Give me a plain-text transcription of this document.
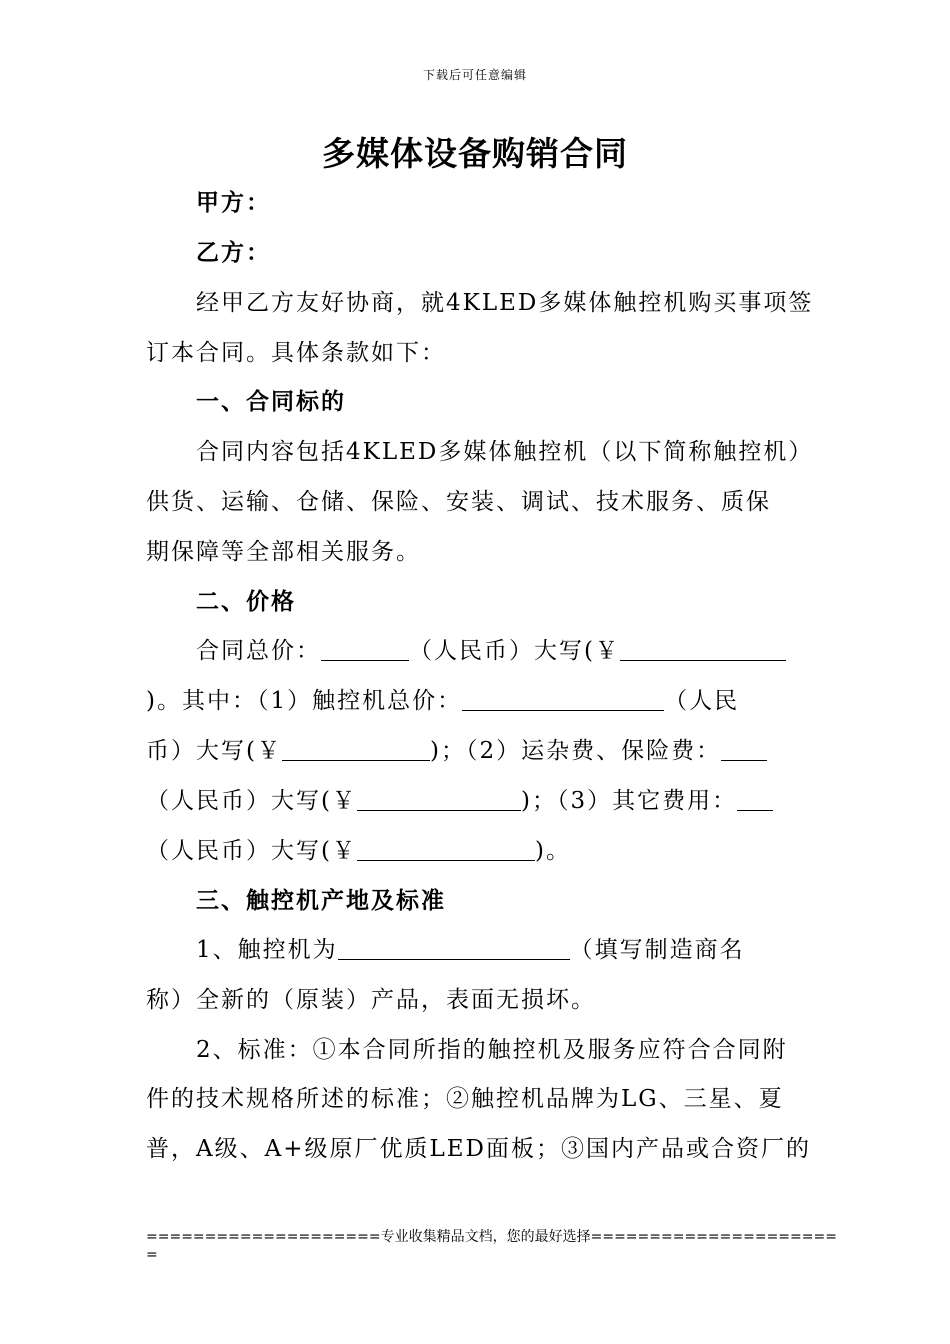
下载后可任意编辑
多媒体设备购销合同
甲方：
乙方：
经甲乙方友好协商，就4KLED多媒体触控机购买事项签
订本合同。具体条款如下：
一、合同标的
合同内容包括4KLED多媒体触控机（以下简称触控机）
供货、运输、仓储、保险、安装、调试、技术服务、质保
期保障等全部相关服务。
二、价格
合同总价：	（人民币）大写(￥
)。其中：（1）触控机总价：	（人民
币）大写(￥	)；（2）运杂费、保险费：
（人民币）大写(￥	)；（3）其它费用：
（人民币）大写(￥	)。
三、触控机产地及标准
1、触控机为	（填写制造商名
称）全新的（原装）产品，表面无损坏。
2、标准：①本合同所指的触控机及服务应符合合同附
件的技术规格所述的标准；②触控机品牌为LG、三星、夏
普，A级、A+级原厂优质LED面板；③国内产品或合资厂的
==================== 专业收集精品文档，您的最好选择 =====================
=
